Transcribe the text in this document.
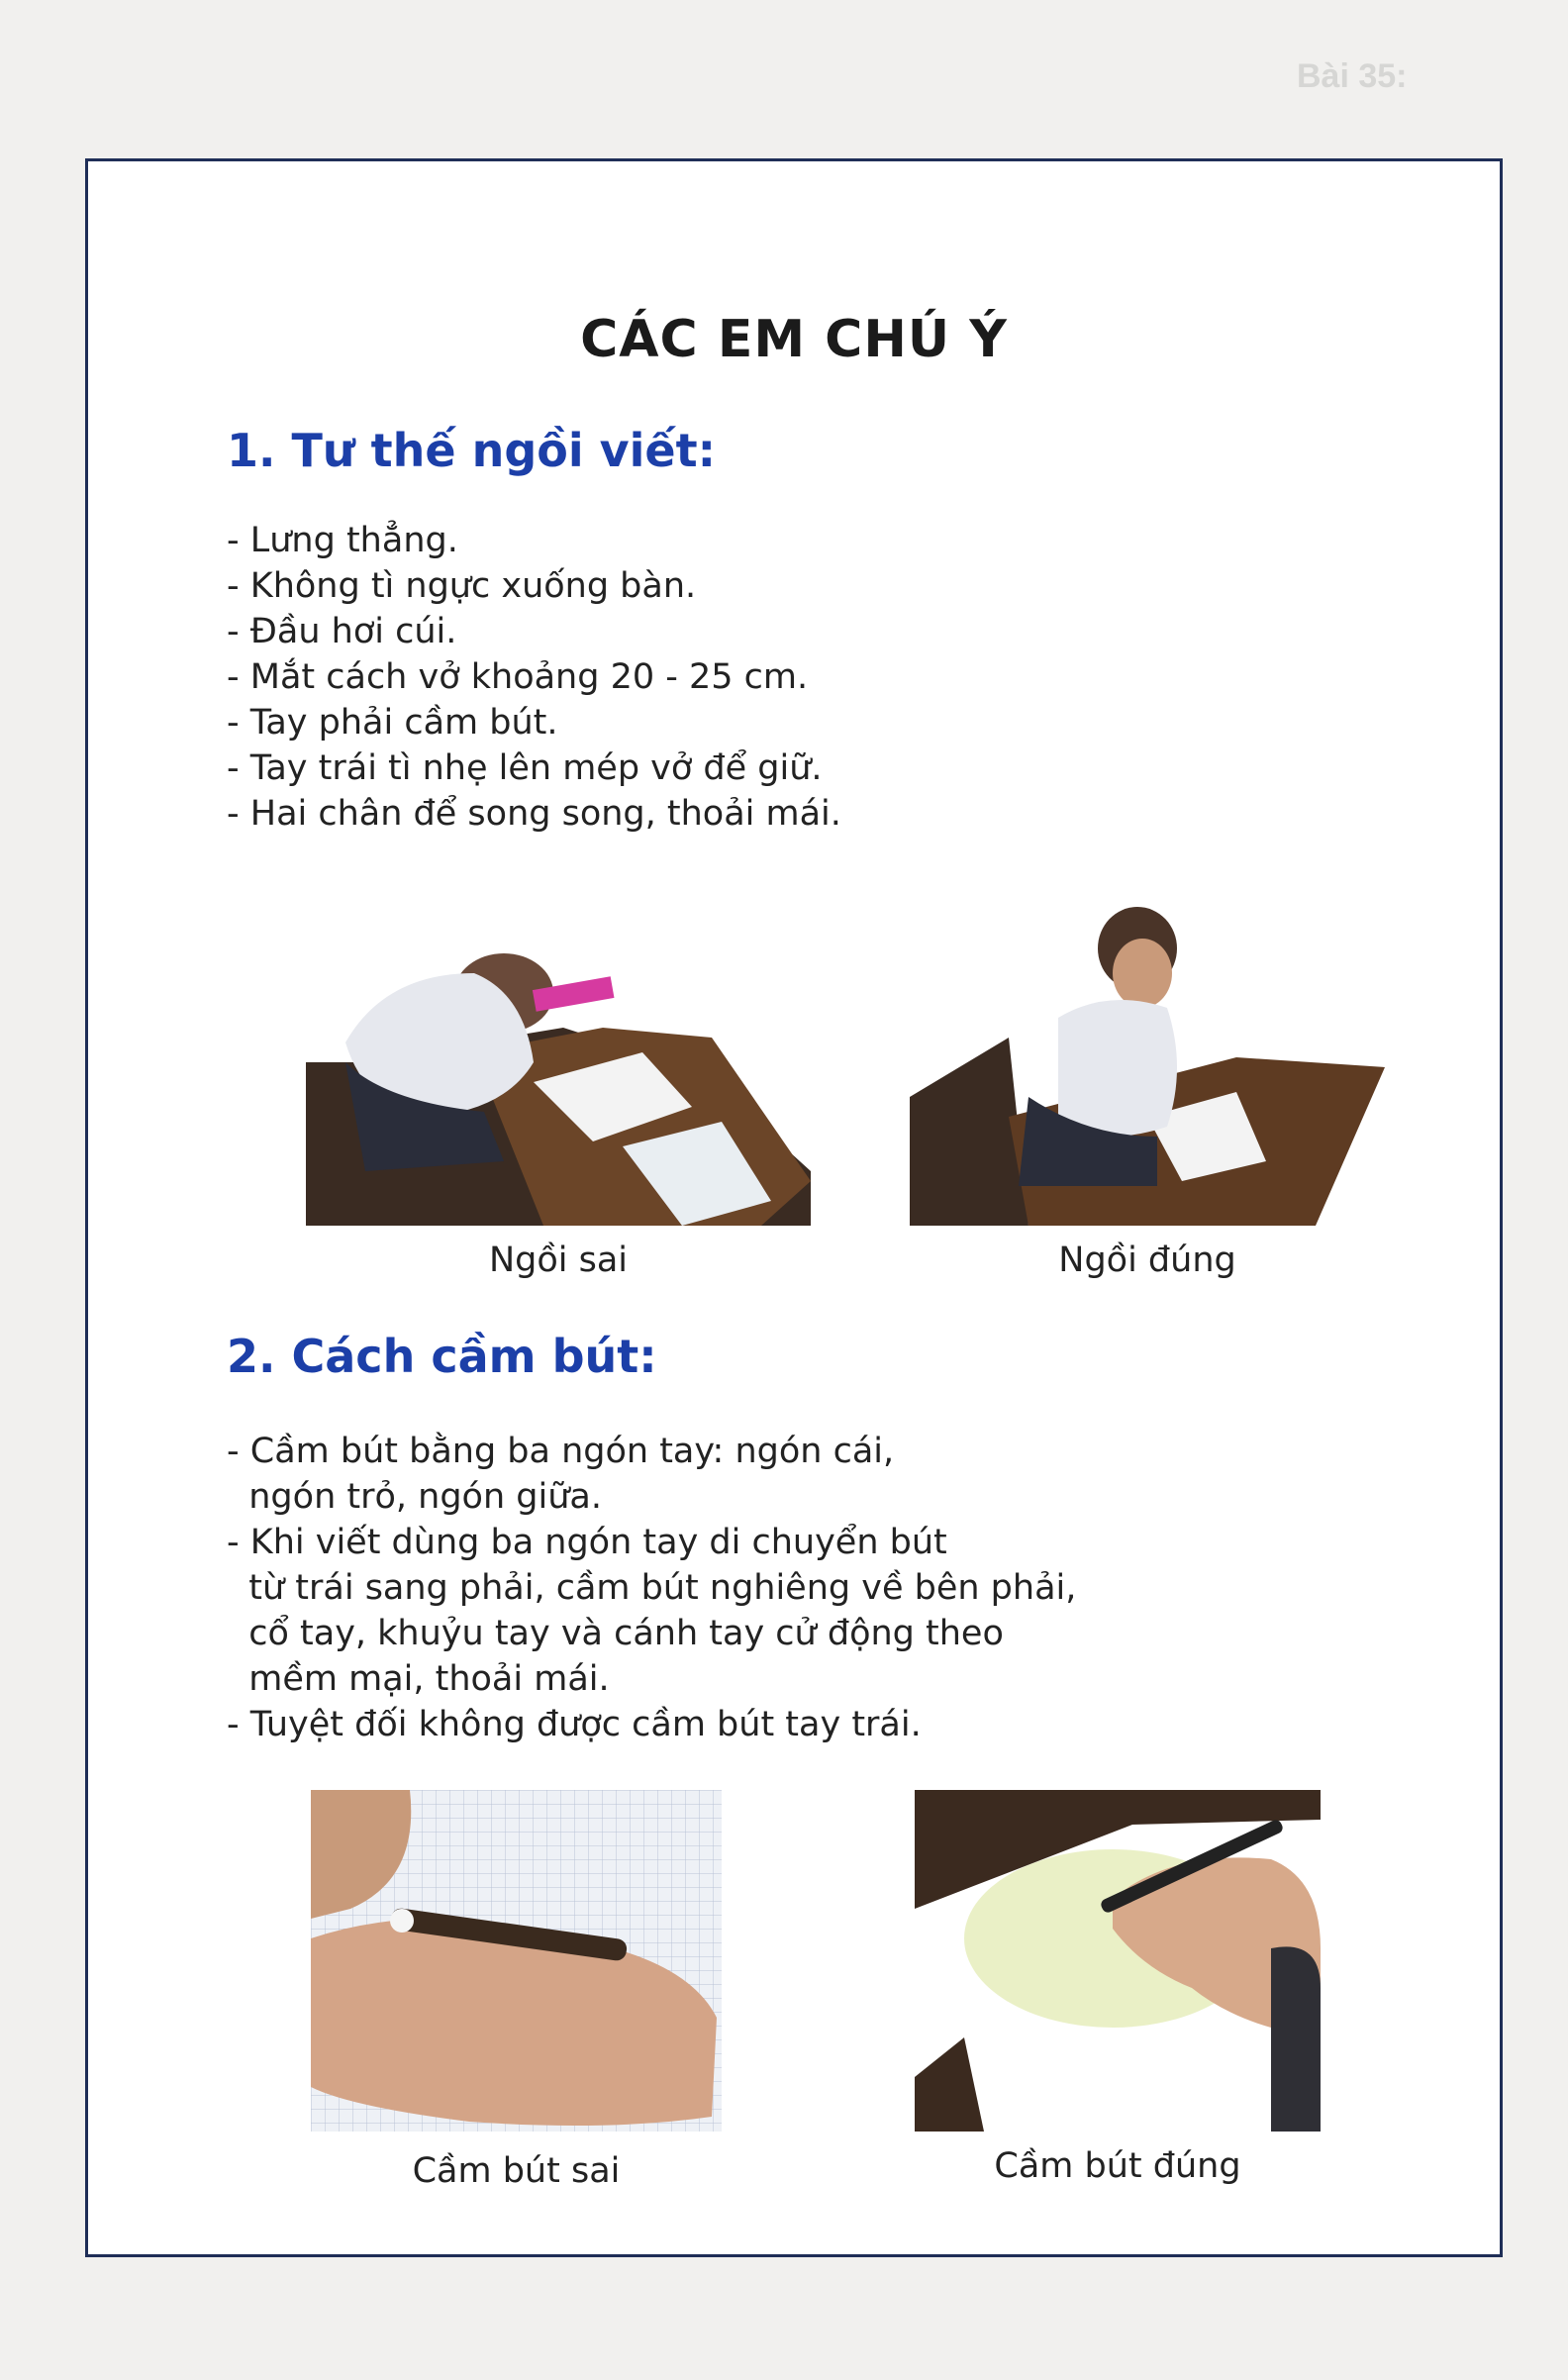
Bài 35:
CÁC EM CHÚ Ý
1. Tư thế ngồi viết:
- Lưng thẳng.
- Không tì ngực xuống bàn.
- Đầu hơi cúi.
- Mắt cách vở khoảng 20 - 25 cm.
- Tay phải cầm bút.
- Tay trái tì nhẹ lên mép vở để giữ.
- Hai chân để song song, thoải mái.
Ngồi sai	Ngồi đúng
2. Cách cầm bút:
- Cầm bút bằng ba ngón tay: ngón cái,
ngón trỏ, ngón giữa.
- Khi viết dùng ba ngón tay di chuyển bút
từ trái sang phải, cầm bút nghiêng về bên phải,
cổ tay, khuỷu tay và cánh tay cử động theo
mềm mại, thoải mái.
- Tuyệt đối không được cầm bút tay trái.
Cầm bút sai	Cầm bút đúng
